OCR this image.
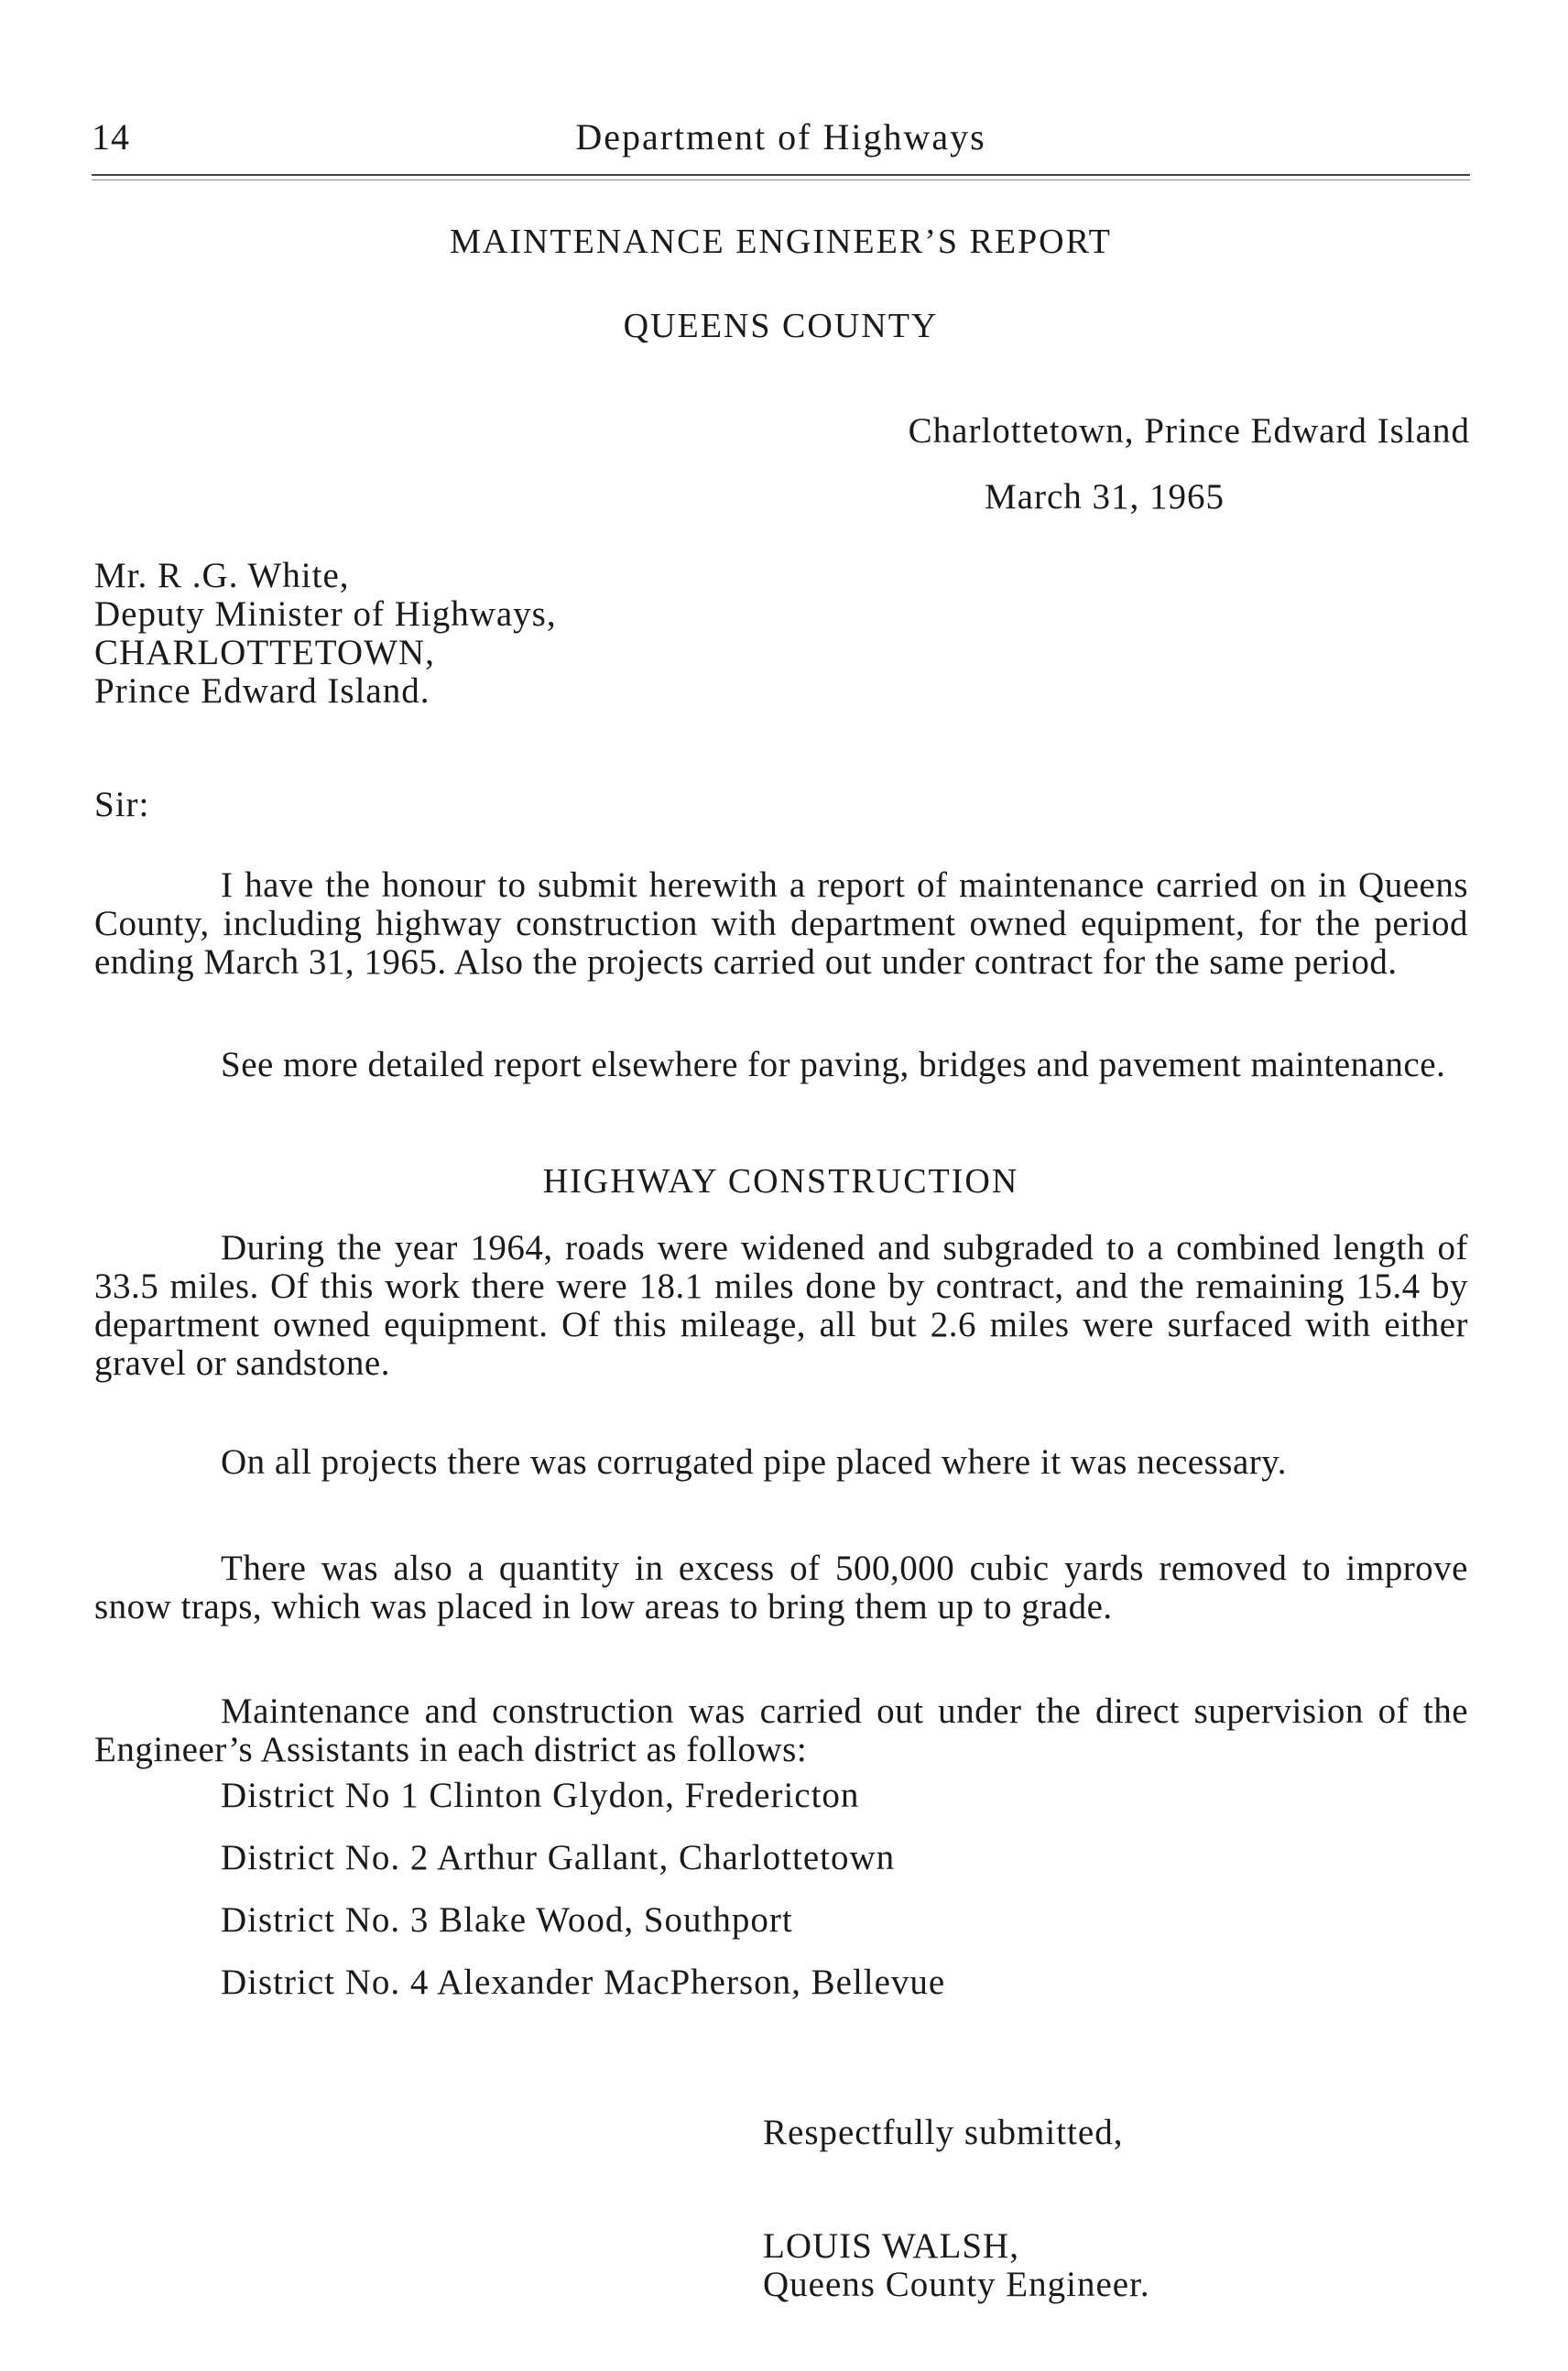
14	Department of Highways
MAINTENANCE ENGINEER’S REPORT
QUEENS COUNTY
Charlottetown, Prince Edward Island
March 31, 1965
Mr. R .G. White,
Deputy Minister of Highways,
CHARLOTTETOWN,
Prince Edward Island.
Sir:

I have the honour to submit herewith a report of maintenance carried on in Queens County, including highway construction with department owned equipment, for the period ending March 31, 1965. Also the projects carried out under contract for the same period.

See more detailed report elsewhere for paving, bridges and pavement maintenance.

HIGHWAY CONSTRUCTION

During the year 1964, roads were widened and subgraded to a combined length of 33.5 miles. Of this work there were 18.1 miles done by contract, and the remaining 15.4 by department owned equipment. Of this mileage, all but 2.6 miles were surfaced with either gravel or sandstone.

On all projects there was corrugated pipe placed where it was necessary.

There was also a quantity in excess of 500,000 cubic yards removed to improve snow traps, which was placed in low areas to bring them up to grade.

Maintenance and construction was carried out under the direct supervision of the Engineer’s Assistants in each district as follows:

District No 1 Clinton Glydon, Fredericton
District No. 2 Arthur Gallant, Charlottetown
District No. 3 Blake Wood, Southport
District No. 4 Alexander MacPherson, Bellevue
Respectfully submitted,
LOUIS WALSH,
Queens County Engineer.
